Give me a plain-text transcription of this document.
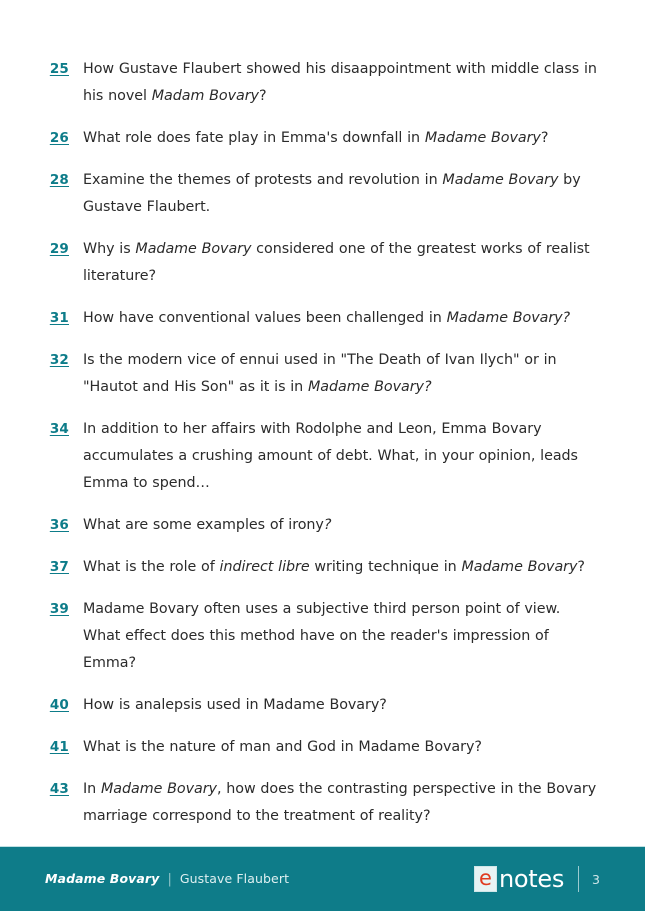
25 How Gustave Flaubert showed his disaappointment with middle class in his novel Madam Bovary?
26 What role does fate play in Emma's downfall in Madame Bovary?
28 Examine the themes of protests and revolution in Madame Bovary by Gustave Flaubert.
29 Why is Madame Bovary considered one of the greatest works of realist literature?
31 How have conventional values been challenged in Madame Bovary?
32 Is the modern vice of ennui used in "The Death of Ivan Ilych" or in "Hautot and His Son" as it is in Madame Bovary?
34 In addition to her affairs with Rodolphe and Leon, Emma Bovary accumulates a crushing amount of debt. What, in your opinion, leads Emma to spend…
36 What are some examples of irony?
37 What is the role of indirect libre writing technique in Madame Bovary?
39 Madame Bovary often uses a subjective third person point of view. What effect does this method have on the reader's impression of Emma?
40 How is analepsis used in Madame Bovary?
41 What is the nature of man and God in Madame Bovary?
43 In Madame Bovary, how does the contrasting perspective in the Bovary marriage correspond to the treatment of reality?
Madame Bovary | Gustave Flaubert	e notes 3
